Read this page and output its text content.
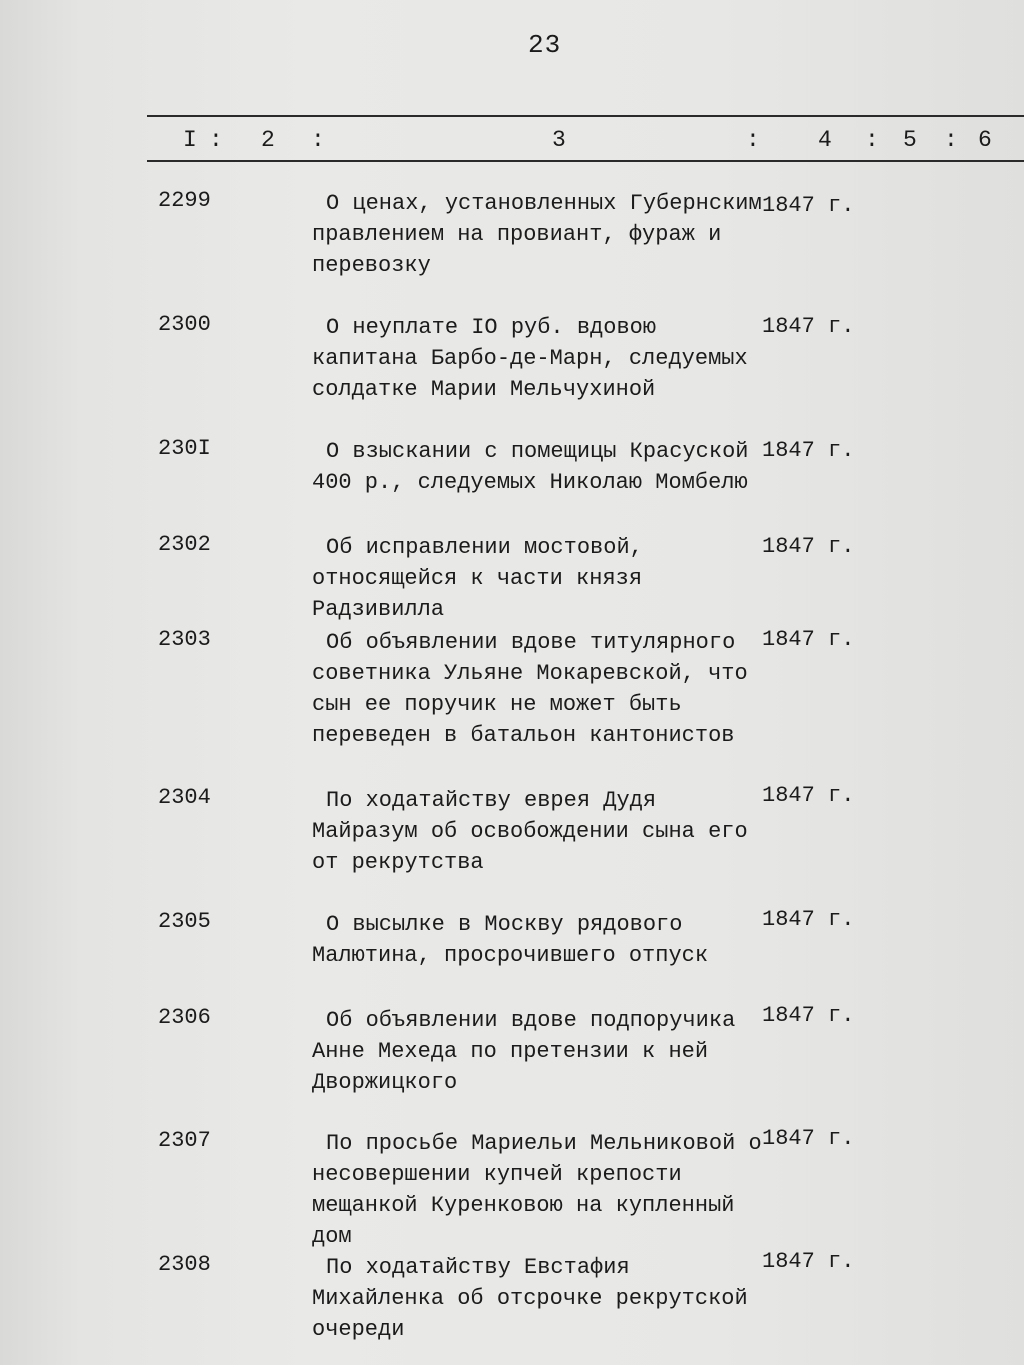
23
I : 2 :	3	:	4 : 5 : 6
2299	О ценах, установленных Губернским правлением на провиант, фураж и перевозку
1847 г.
2300	О неуплате IO руб. вдовою капитана Барбо-де-Марн, следуемых солдатке Марии Мельчухиной
1847 г.
230I	О взыскании с помещицы Красуской 400 р., следуемых Николаю Момбелю
1847 г.
2302	Об исправлении мостовой, относящейся к части князя Радзивилла
1847 г.
2303	Об объявлении вдове титулярного советника Ульяне Мокаревской, что сын ее поручик не может быть переведен в батальон кантонистов
1847 г.
2304	По ходатайству еврея Дудя Майразум об освобождении сына его от рекрутства
1847 г.
2305	О высылке в Москву рядового Малютина, просрочившего отпуск
1847 г.
2306	Об объявлении вдове подпоручика Анне Мехеда по претензии к ней Дворжицкого
1847 г.
2307	По просьбе Мариельи Мельниковой о несовершении купчей крепости мещанкой Куренковою на купленный дом
1847 г.
2308	По ходатайству Евстафия Михайленка об отсрочке рекрутской очереди
1847 г.
